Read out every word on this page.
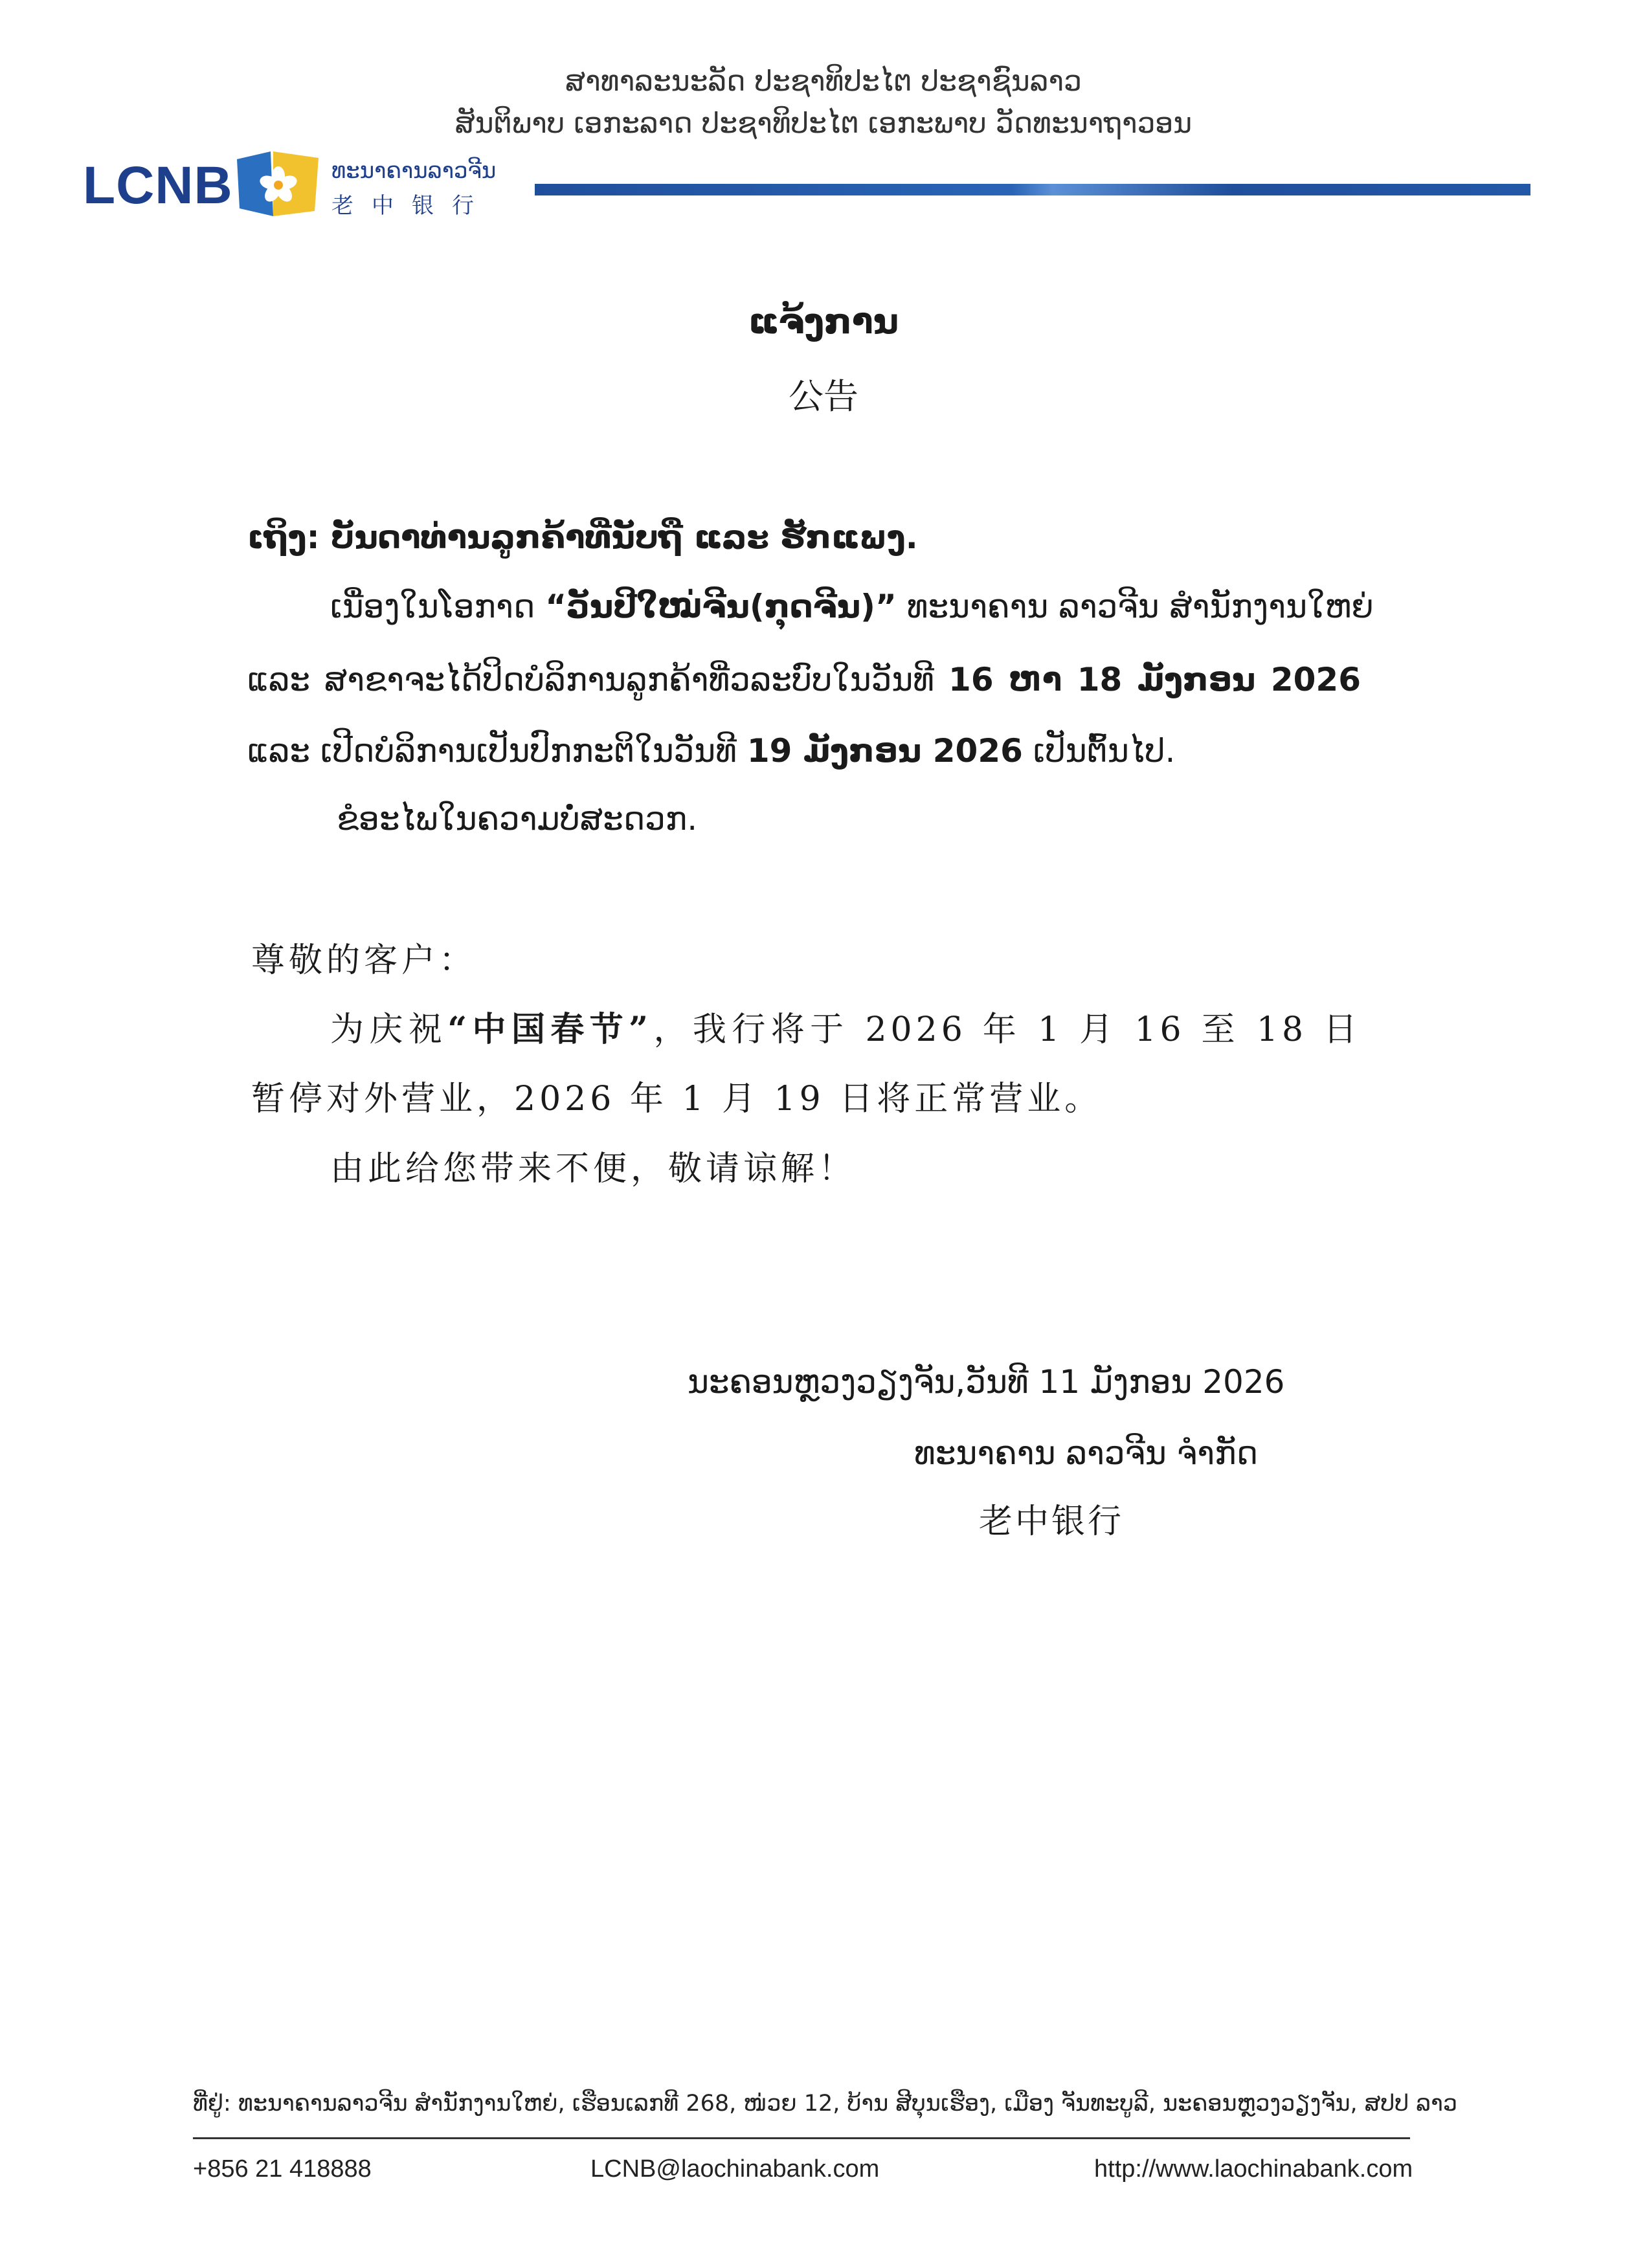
ສາທາລະນະລັດ ປະຊາທິປະໄຕ ປະຊາຊົນລາວ
ສັນຕິພາບ ເອກະລາດ ປະຊາທິປະໄຕ ເອກະພາບ ວັດທະນາຖາວອນ
LCNB	ທະນາຄານລາວຈີນ
老中银行
ແຈ້ງການ
公告
ເຖິງ: ບັນດາທ່ານລູກຄ້າທີ່ນັບຖື ແລະ ຮັກແພງ.
ເນື່ອງໃນໂອກາດ “ວັນປີໃໝ່ຈີນ(ກຸດຈີນ)” ທະນາຄານ ລາວຈີນ ສຳນັກງານໃຫຍ່
ແລະ ສາຂາຈະໄດ້ປິດບໍລິການລູກຄ້າທີ່ວລະບົບໃນວັນທີ 16 ຫາ 18 ມັງກອນ 2026
ແລະ ເປີດບໍລິການເປັນປົກກະຕິໃນວັນທີ 19 ມັງກອນ 2026 ເປັນຕົ້ນໄປ.
ຂໍອະໄພໃນຄວາມບໍ່ສະດວກ.
尊敬的客户：
为庆祝“中国春节”，我行将于 2026 年 1 月 16 至 18 日
暂停对外营业，2026 年 1 月 19 日将正常营业。
由此给您带来不便，敬请谅解！
ນະຄອນຫຼວງວຽງຈັນ,ວັນທີ 11 ມັງກອນ 2026
ທະນາຄານ ລາວຈີນ ຈຳກັດ
老中银行
ທີ່ຢູ່: ທະນາຄານລາວຈີນ ສຳນັກງານໃຫຍ່, ເຮືອນເລກທີ 268, ໜ່ວຍ 12, ບ້ານ ສີບຸນເຮືອງ, ເມືອງ ຈັນທະບູລີ, ນະຄອນຫຼວງວຽງຈັນ, ສປປ ລາວ
+856 21 418888	LCNB@laochinabank.com	http://www.laochinabank.com
